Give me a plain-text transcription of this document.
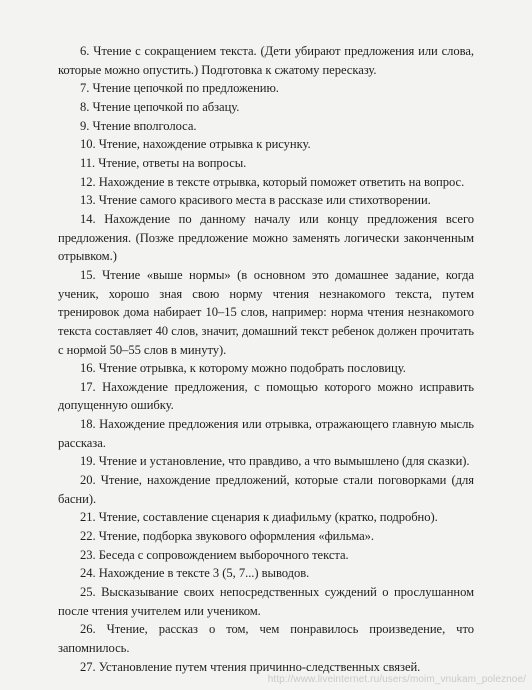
6. Чтение с сокращением текста. (Дети убирают предложения или слова, которые можно опустить.) Подготовка к сжатому пересказу.

7. Чтение цепочкой по предложению.

8. Чтение цепочкой по абзацу.

9. Чтение вполголоса.

10. Чтение, нахождение отрывка к рисунку.

11. Чтение, ответы на вопросы.

12. Нахождение в тексте отрывка, который поможет ответить на вопрос.

13. Чтение самого красивого места в рассказе или стихотворении.

14. Нахождение по данному началу или концу предложения всего предложения. (Позже предложение можно заменять логически законченным отрывком.)

15. Чтение «выше нормы» (в основном это домашнее задание, когда ученик, хорошо зная свою норму чтения незнакомого текста, путем тренировок дома набирает 10–15 слов, например: норма чтения незнакомого текста составляет 40 слов, значит, домашний текст ребенок должен прочитать с нормой 50–55 слов в минуту).

16. Чтение отрывка, к которому можно подобрать пословицу.

17. Нахождение предложения, с помощью которого можно исправить допущенную ошибку.

18. Нахождение предложения или отрывка, отражающего главную мысль рассказа.

19. Чтение и установление, что правдиво, а что вымышлено (для сказки).

20. Чтение, нахождение предложений, которые стали поговорками (для басни).

21. Чтение, составление сценария к диафильму (кратко, подробно).

22. Чтение, подборка звукового оформления «фильма».

23. Беседа с сопровождением выборочного текста.

24. Нахождение в тексте 3 (5, 7...) выводов.

25. Высказывание своих непосредственных суждений о прослушанном после чтения учителем или учеником.

26. Чтение, рассказ о том, чем понравилось произведение, что запомнилось.

27. Установление путем чтения причинно-следственных связей.

http://www.liveinternet.ru/users/moim_vnukam_poleznoe/
